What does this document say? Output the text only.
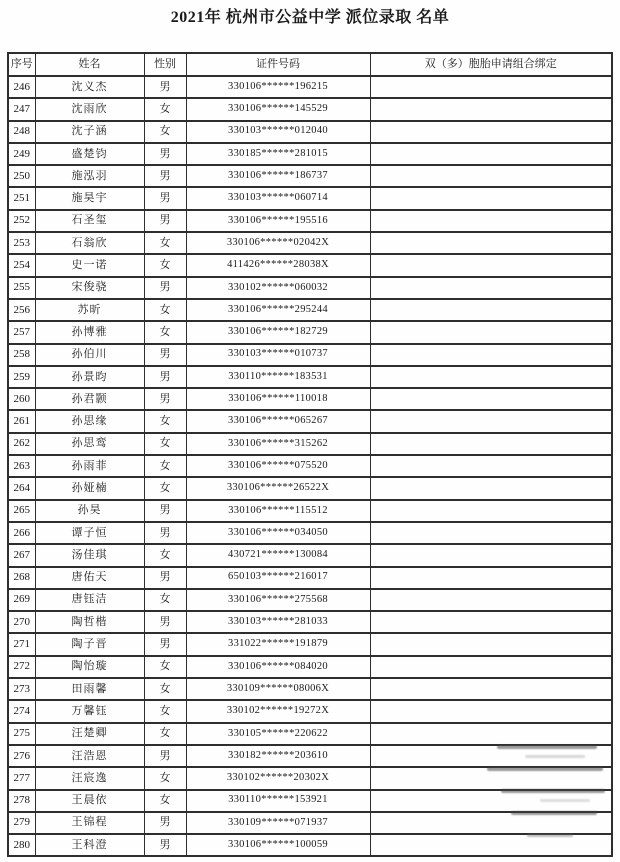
2021年 杭州市公益中学 派位录取 名单
序号	姓名	性别	证件号码	双（多）胞胎申请组合绑定
246	沈义杰	男	330106******196215	
247	沈雨欣	女	330106******145529	
248	沈子涵	女	330103******012040	
249	盛楚钧	男	330185******281015	
250	施泓羽	男	330106******186737	
251	施昊宇	男	330103******060714	
252	石圣玺	男	330106******195516	
253	石翁欣	女	330106******02042X	
254	史一诺	女	411426******28038X	
255	宋俊骁	男	330102******060032	
256	苏昕	女	330106******295244	
257	孙博雅	女	330106******182729	
258	孙伯川	男	330103******010737	
259	孙景昀	男	330110******183531	
260	孙君颢	男	330106******110018	
261	孙思缘	女	330106******065267	
262	孙思鸾	女	330106******315262	
263	孙雨菲	女	330106******075520	
264	孙娅楠	女	330106******26522X	
265	孙昊	男	330106******115512	
266	谭子恒	男	330106******034050	
267	汤佳琪	女	430721******130084	
268	唐佑天	男	650103******216017	
269	唐钰洁	女	330106******275568	
270	陶哲楷	男	330103******281033	
271	陶子晋	男	331022******191879	
272	陶怡璇	女	330106******084020	
273	田雨馨	女	330109******08006X	
274	万馨钰	女	330102******19272X	
275	汪楚卿	女	330105******220622	
276	汪浩恩	男	330182******203610	
277	汪宸逸	女	330102******20302X	
278	王晨依	女	330110******153921	
279	王锦程	男	330109******071937	
280	王科澄	男	330106******100059	
